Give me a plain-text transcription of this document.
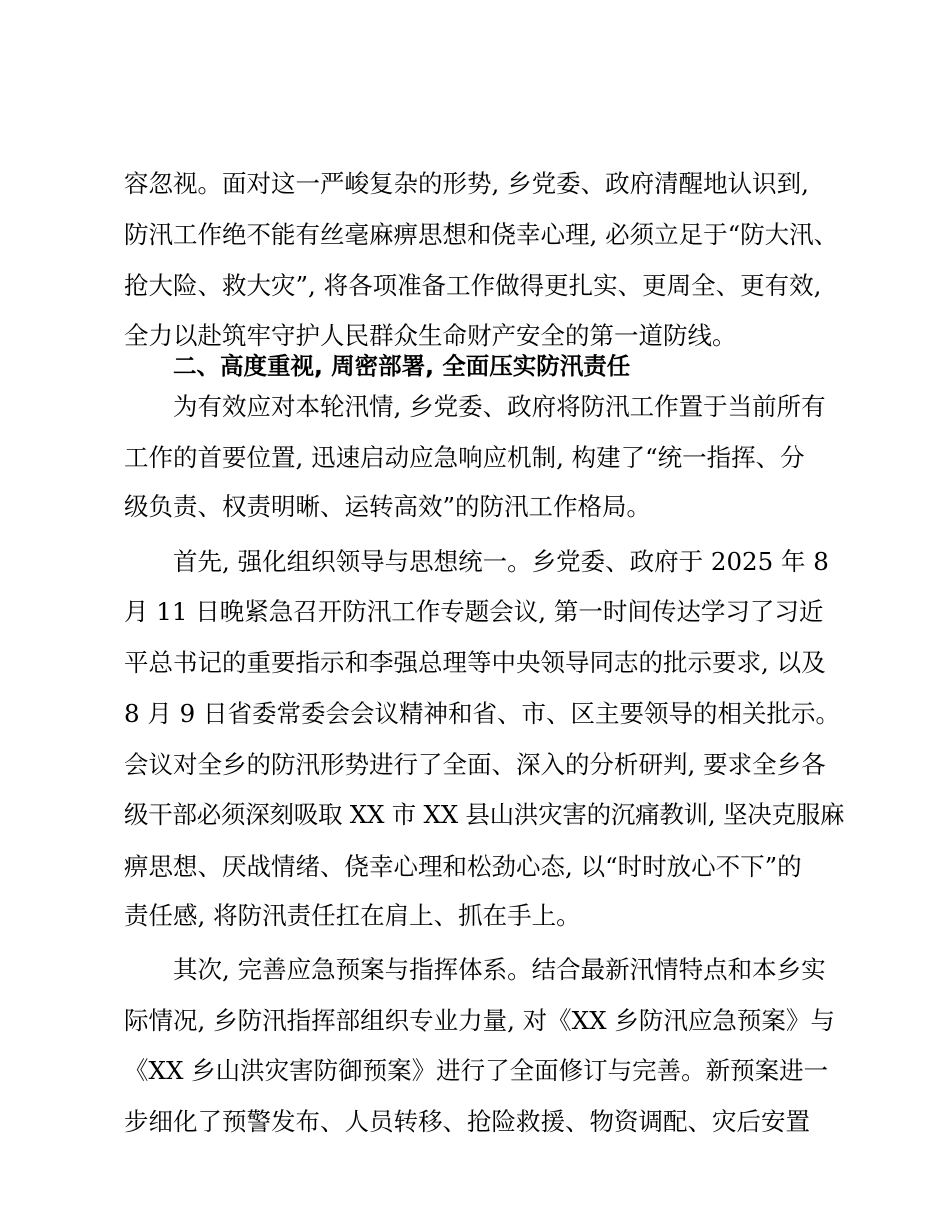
容忽视。面对这一严峻复杂的形势, 乡党委、政府清醒地认识到,
防汛工作绝不能有丝毫麻痹思想和侥幸心理, 必须立足于“防大汛、
抢大险、救大灾”, 将各项准备工作做得更扎实、更周全、更有效,
全力以赴筑牢守护人民群众生命财产安全的第一道防线。
二、高度重视, 周密部署, 全面压实防汛责任
为有效应对本轮汛情, 乡党委、政府将防汛工作置于当前所有
工作的首要位置, 迅速启动应急响应机制, 构建了“统一指挥、分
级负责、权责明晰、运转高效”的防汛工作格局。
首先, 强化组织领导与思想统一。乡党委、政府于 2025 年 8
月 11 日晚紧急召开防汛工作专题会议, 第一时间传达学习了习近
平总书记的重要指示和李强总理等中央领导同志的批示要求, 以及
8 月 9 日省委常委会会议精神和省、市、区主要领导的相关批示。
会议对全乡的防汛形势进行了全面、深入的分析研判, 要求全乡各
级干部必须深刻吸取 XX 市 XX 县山洪灾害的沉痛教训, 坚决克服麻
痹思想、厌战情绪、侥幸心理和松劲心态, 以“时时放心不下”的
责任感, 将防汛责任扛在肩上、抓在手上。
其次, 完善应急预案与指挥体系。结合最新汛情特点和本乡实
际情况, 乡防汛指挥部组织专业力量, 对《XX 乡防汛应急预案》与
《XX 乡山洪灾害防御预案》进行了全面修订与完善。新预案进一
步细化了预警发布、人员转移、抢险救援、物资调配、灾后安置
